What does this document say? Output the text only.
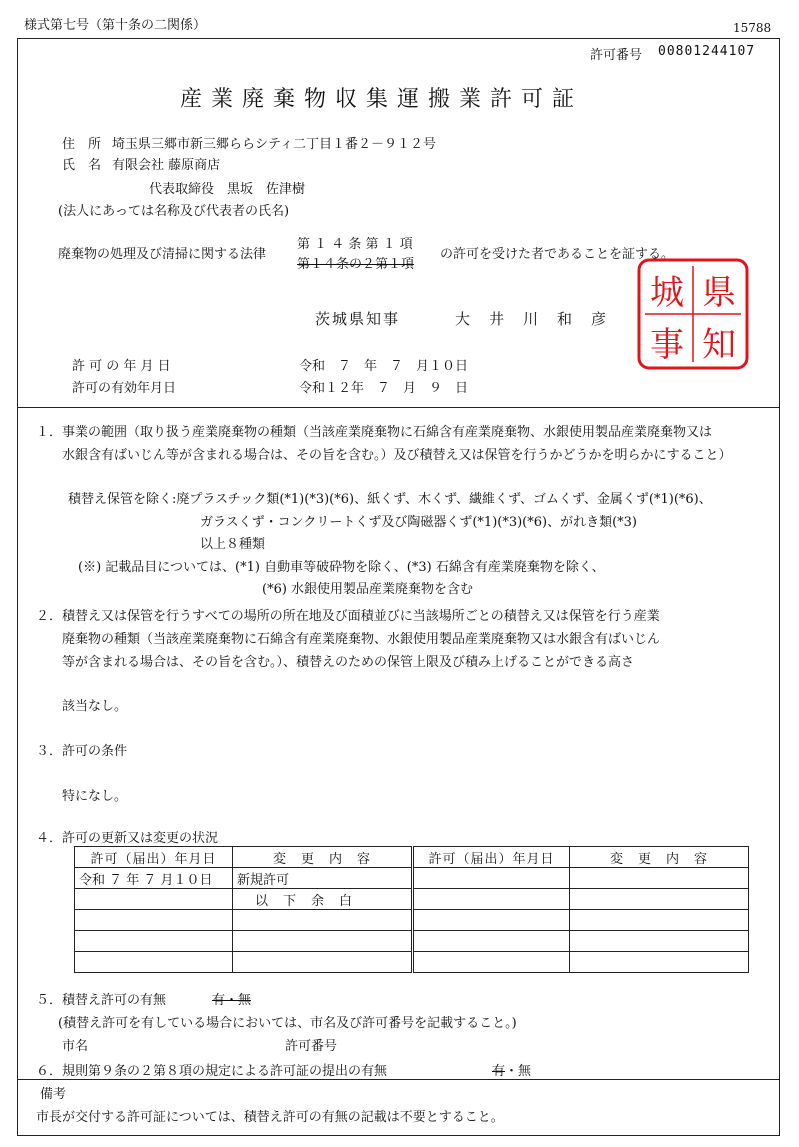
様式第七号（第十条の二関係）	15788
許可番号 00801244107
産業廃棄物収集運搬業許可証
住　所 埼玉県三郷市新三郷ららシティ二丁目１番２－９１２号
氏　名 有限会社 藤原商店
代表取締役　黒坂　佐津樹
(法人にあっては名称及び代表者の氏名)
廃棄物の処理及び清掃に関する法律
第 １ ４ 条 第 １ 項
第１４条の２第１項
の許可を受けた者であることを証する。
茨城県知事	大　井　川　和　彦
県
城
知
事
許 可 の 年 月 日	令和　７　年　７　月１０日
許可の有効年月日	令和１２年　７　月　９　日
１．事業の範囲（取り扱う産業廃棄物の種類（当該産業廃棄物に石綿含有産業廃棄物、水銀使用製品産業廃棄物又は
水銀含有ばいじん等が含まれる場合は、その旨を含む。）及び積替え又は保管を行うかどうかを明らかにすること）
積替え保管を除く:廃プラスチック類(*1)(*3)(*6)、紙くず、木くず、繊維くず、ゴムくず、金属くず(*1)(*6)、
ガラスくず・コンクリートくず及び陶磁器くず(*1)(*3)(*6)、がれき類(*3)
以上８種類
(※) 記載品目については、(*1) 自動車等破砕物を除く、(*3) 石綿含有産業廃棄物を除く、
(*6) 水銀使用製品産業廃棄物を含む
２．積替え又は保管を行うすべての場所の所在地及び面積並びに当該場所ごとの積替え又は保管を行う産業
廃棄物の種類（当該産業廃棄物に石綿含有産業廃棄物、水銀使用製品産業廃棄物又は水銀含有ばいじん
等が含まれる場合は、その旨を含む。）、積替えのための保管上限及び積み上げることができる高さ
該当なし。
３．許可の条件
特になし。
４．許可の更新又は変更の状況
許可（届出）年月日	変　更　内　容	許可（届出）年月日	変　更　内　容
令和 ７ 年 ７ 月１０日	新規許可		
	以　下　余　白		

５．積替え許可の有無	有・無
(積替え許可を有している場合においては、市名及び許可番号を記載すること。)
市名	許可番号
６．規則第９条の２第８項の規定による許可証の提出の有無	有・無
備考
市長が交付する許可証については、積替え許可の有無の記載は不要とすること。
